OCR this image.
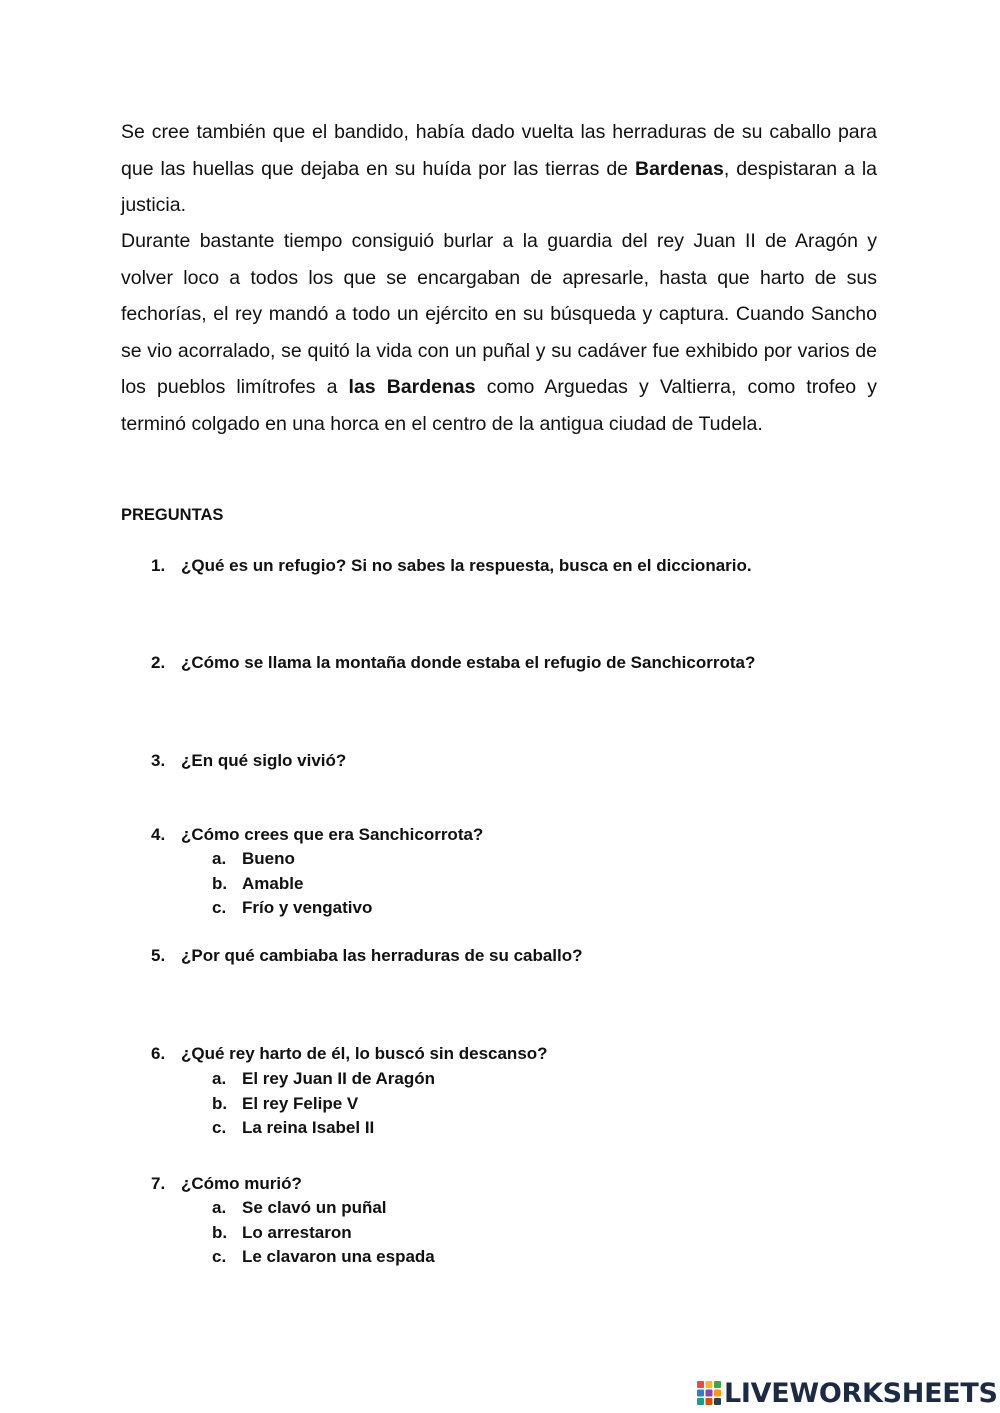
Se cree también que el bandido, había dado vuelta las herraduras de su caballo para que las huellas que dejaba en su huída por las tierras de Bardenas, despistaran a la justicia.

Durante bastante tiempo consiguió burlar a la guardia del rey Juan II de Aragón y volver loco a todos los que se encargaban de apresarle, hasta que harto de sus fechorías, el rey mandó a todo un ejército en su búsqueda y captura. Cuando Sancho se vio acorralado, se quitó la vida con un puñal y su cadáver fue exhibido por varios de los pueblos limítrofes a las Bardenas como Arguedas y Valtierra, como trofeo y terminó colgado en una horca en el centro de la antigua ciudad de Tudela.

PREGUNTAS
1. ¿Qué es un refugio? Si no sabes la respuesta, busca en el diccionario.
2. ¿Cómo se llama la montaña donde estaba el refugio de Sanchicorrota?
3. ¿En qué siglo vivió?
4. ¿Cómo crees que era Sanchicorrota?
a. Bueno
b. Amable
c. Frío y vengativo
5. ¿Por qué cambiaba las herraduras de su caballo?
6. ¿Qué rey harto de él, lo buscó sin descanso?
a. El rey Juan II de Aragón
b. El rey Felipe V
c. La reina Isabel II
7. ¿Cómo murió?
a. Se clavó un puñal
b. Lo arrestaron
c. Le clavaron una espada
LIVEWORKSHEETS
